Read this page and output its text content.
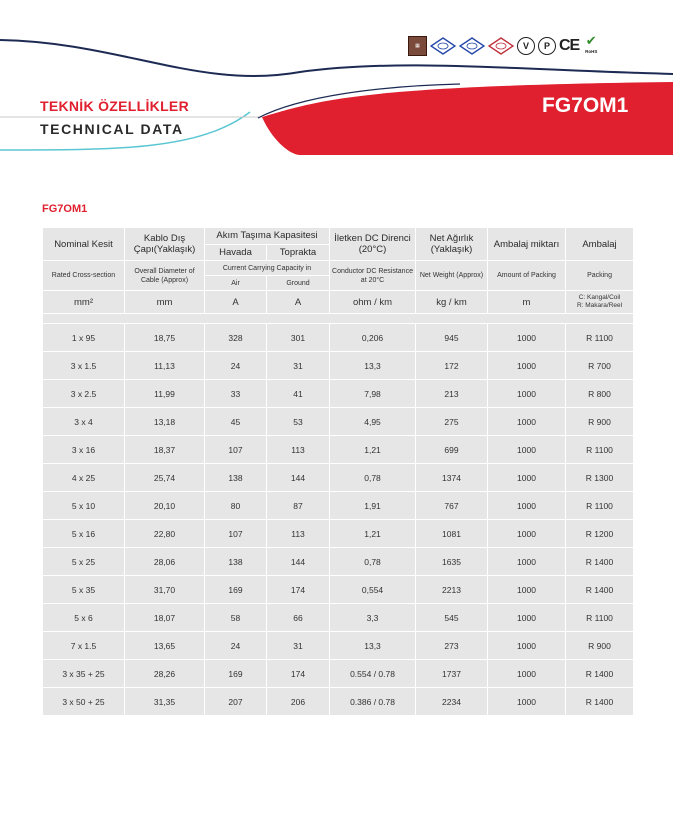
▦	V	P CE ✔
RoHS
TEKNİK ÖZELLİKLER
TECHNICAL DATA
FG7OM1
FG7OM1
Nominal Kesit	Kablo Dış Çapı(Yaklaşık)	Akım Taşıma Kapasitesi		İletken DC Direnci (20°C)	Net Ağırlık (Yaklaşık)	Ambalaj miktarı	Ambalaj
		Havada	Toprakta				
Rated Cross-section	Overall Diameter of Cable (Approx)	Current Carrying Capacity in		Conductor DC Resistance at 20°C	Net Weight (Approx)	Amount of Packing	Packing
		Air	Ground				
mm²	mm	A	A	ohm / km	kg / km	m	C: Kangal/Coil
R: Makara/Reel

1 x 95	18,75	328	301	0,206	945	1000	R 1100
3 x 1.5	11,13	24	31	13,3	172	1000	R 700
3 x 2.5	11,99	33	41	7,98	213	1000	R 800
3 x 4	13,18	45	53	4,95	275	1000	R 900
3 x 16	18,37	107	113	1,21	699	1000	R 1100
4 x 25	25,74	138	144	0,78	1374	1000	R 1300
5 x 10	20,10	80	87	1,91	767	1000	R 1100
5 x 16	22,80	107	113	1,21	1081	1000	R 1200
5 x 25	28,06	138	144	0,78	1635	1000	R 1400
5 x 35	31,70	169	174	0,554	2213	1000	R 1400
5 x 6	18,07	58	66	3,3	545	1000	R 1100
7 x 1.5	13,65	24	31	13,3	273	1000	R 900
3 x 35 + 25	28,26	169	174	0.554 / 0.78	1737	1000	R 1400
3 x 50 + 25	31,35	207	206	0.386 / 0.78	2234	1000	R 1400
